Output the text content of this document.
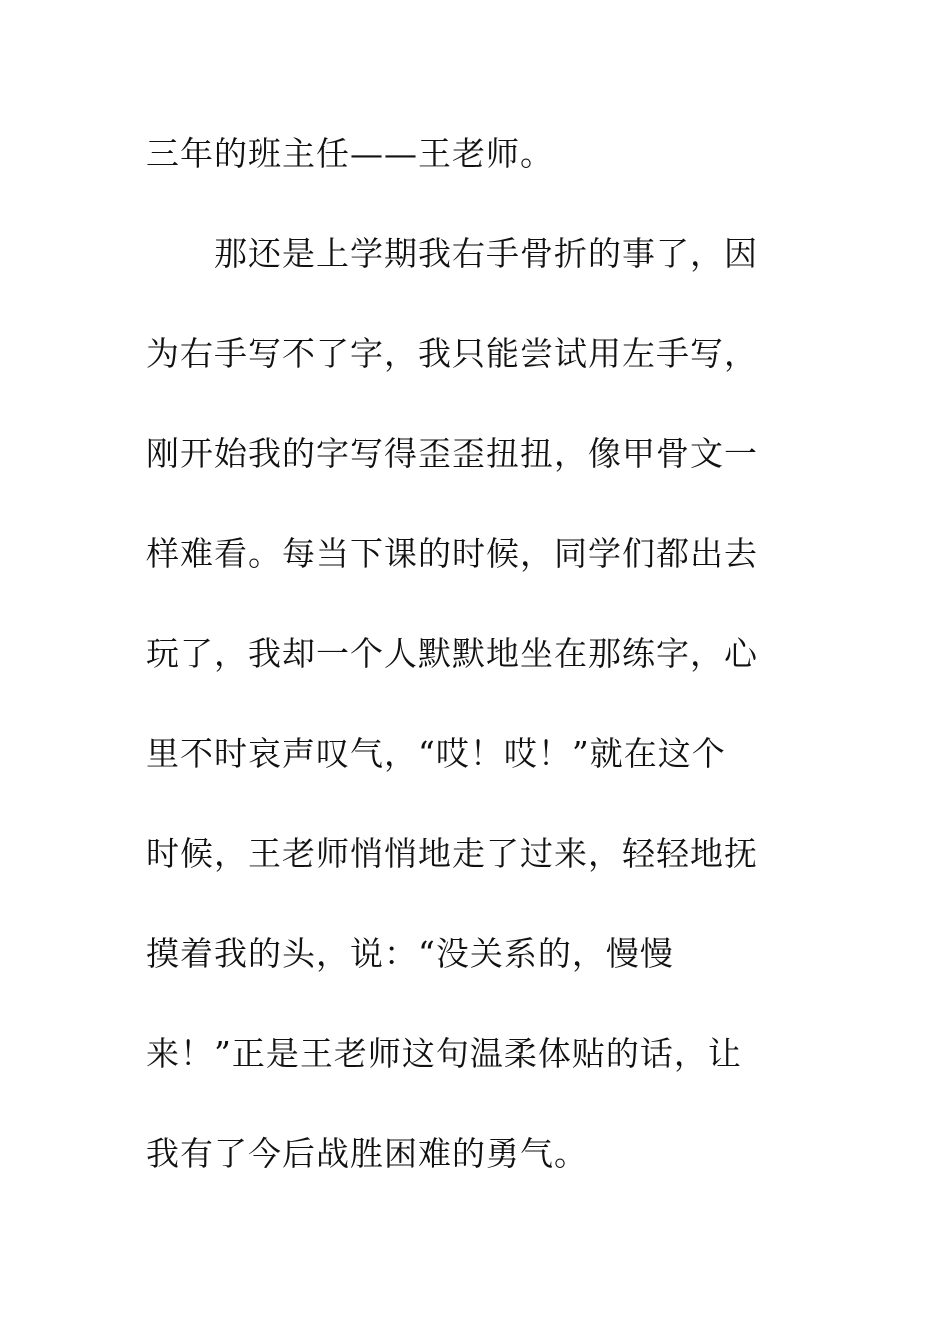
三年的班主任——王老师。
那还是上学期我右手骨折的事了，因
为右手写不了字，我只能尝试用左手写，
刚开始我的字写得歪歪扭扭，像甲骨文一
样难看。每当下课的时候，同学们都出去
玩了，我却一个人默默地坐在那练字，心
里不时哀声叹气，“哎！哎！”就在这个
时候，王老师悄悄地走了过来，轻轻地抚
摸着我的头，说：“没关系的，慢慢
来！”正是王老师这句温柔体贴的话，让
我有了今后战胜困难的勇气。
